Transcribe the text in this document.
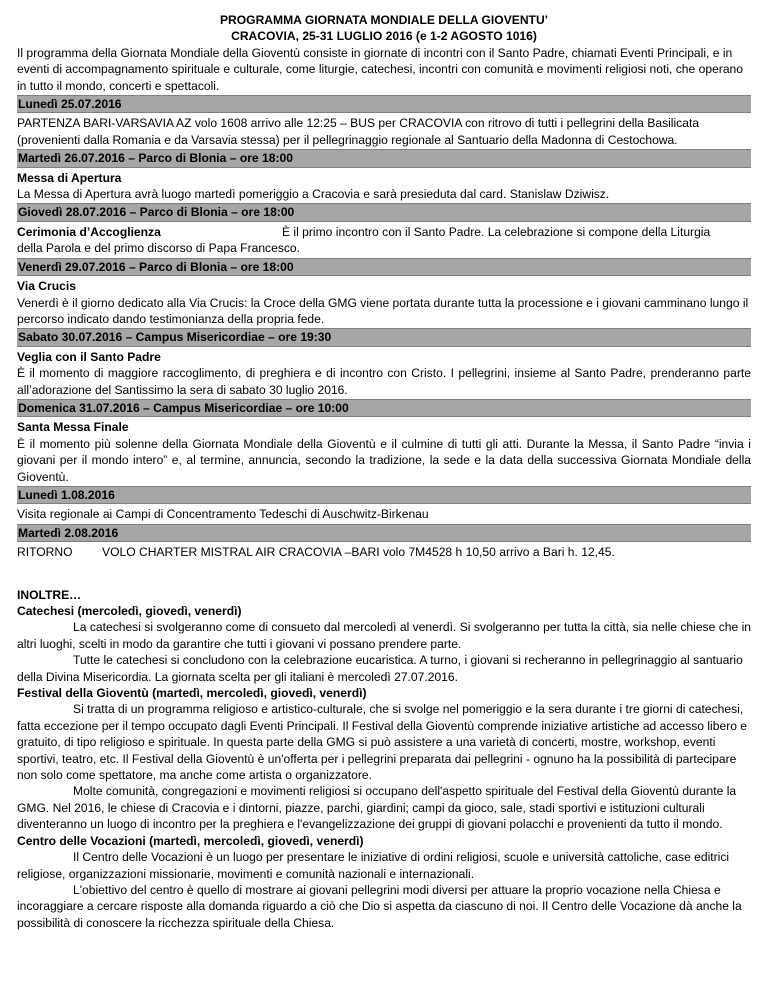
PROGRAMMA GIORNATA MONDIALE DELLA GIOVENTU’

CRACOVIA, 25-31 LUGLIO 2016 (e 1-2 AGOSTO 1016)

Il programma della Giornata Mondiale della Gioventù consiste in giornate di incontri con il Santo Padre, chiamati Eventi Principali, e in eventi di accompagnamento spirituale e culturale, come liturgie, catechesi, incontri con comunità e movimenti religiosi noti, che operano in tutto il mondo, concerti e spettacoli.

Lunedì 25.07.2016

PARTENZA BARI-VARSAVIA AZ volo 1608 arrivo alle 12:25 – BUS per CRACOVIA con ritrovo di tutti i pellegrini della Basilicata (provenienti dalla Romania e da Varsavia stessa) per il pellegrinaggio regionale al Santuario della Madonna di Cestochowa.

Martedì 26.07.2016 – Parco di Blonia – ore 18:00

Messa di Apertura

La Messa di Apertura avrà luogo martedì pomeriggio a Cracovia e sarà presieduta dal card. Stanislaw Dziwisz.

Giovedì 28.07.2016 – Parco di Blonia – ore 18:00

Cerimonia d’Accoglienza	È il primo incontro con il Santo Padre. La celebrazione si compone della Liturgia

della Parola e del primo discorso di Papa Francesco.

Venerdì 29.07.2016 – Parco di Blonia – ore 18:00

Via Crucis

Venerdì è il giorno dedicato alla Via Crucis: la Croce della GMG viene portata durante tutta la processione e i giovani camminano lungo il percorso indicato dando testimonianza della propria fede.

Sabato 30.07.2016 – Campus Misericordiae – ore 19:30

Veglia con il Santo Padre

È il momento di maggiore raccoglimento, di preghiera e di incontro con Cristo. I pellegrini, insieme al Santo Padre, prenderanno parte all’adorazione del Santissimo la sera di sabato 30 luglio 2016.

Domenica 31.07.2016 – Campus Misericordiae – ore 10:00

Santa Messa Finale

È il momento più solenne della Giornata Mondiale della Gioventù e il culmine di tutti gli atti. Durante la Messa, il Santo Padre “invia i giovani per il mondo intero” e, al termine, annuncia, secondo la tradizione, la sede e la data della successiva Giornata Mondiale della Gioventù.

Lunedì 1.08.2016

Visita regionale ai Campi di Concentramento Tedeschi di Auschwitz-Birkenau

Martedì 2.08.2016

RITORNO VOLO CHARTER MISTRAL AIR CRACOVIA –BARI volo 7M4528 h 10,50 arrivo a Bari h. 12,45.

INOLTRE…

Catechesi (mercoledì, giovedì, venerdì)

La catechesi si svolgeranno come di consueto dal mercoledì al venerdì. Si svolgeranno per tutta la città, sia nelle chiese che in altri luoghi, scelti in modo da garantire che tutti i giovani vi possano prendere parte.

Tutte le catechesi si concludono con la celebrazione eucaristica. A turno, i giovani si recheranno in pellegrinaggio al santuario della Divina Misericordia. La giornata scelta per gli italiani è mercoledì 27.07.2016.

Festival della Gioventù (martedì, mercoledì, giovedì, venerdì)

Si tratta di un programma religioso e artistico-culturale, che si svolge nel pomeriggio e la sera durante i tre giorni di catechesi, fatta eccezione per il tempo occupato dagli Eventi Principali. Il Festival della Gioventù comprende iniziative artistiche ad accesso libero e gratuito, di tipo religioso e spirituale. In questa parte della GMG si può assistere a una varietà di concerti, mostre, workshop, eventi sportivi, teatro, etc. Il Festival della Gioventù è un'offerta per i pellegrini preparata dai pellegrini - ognuno ha la possibilità di partecipare non solo come spettatore, ma anche come artista o organizzatore.

Molte comunità, congregazioni e movimenti religiosi si occupano dell'aspetto spirituale del Festival della Gioventù durante la GMG. Nel 2016, le chiese di Cracovia e i dintorni, piazze, parchi, giardini; campi da gioco, sale, stadi sportivi e istituzioni culturali diventeranno un luogo di incontro per la preghiera e l'evangelizzazione dei gruppi di giovani polacchi e provenienti da tutto il mondo.

Centro delle Vocazioni (martedì, mercoledì, giovedì, venerdì)

Il Centro delle Vocazioni è un luogo per presentare le iniziative di ordini religiosi, scuole e università cattoliche, case editrici religiose, organizzazioni missionarie, movimenti e comunità nazionali e internazionali.

L'obiettivo del centro è quello di mostrare ai giovani pellegrini modi diversi per attuare la proprio vocazione nella Chiesa e incoraggiare a cercare risposte alla domanda riguardo a ciò che Dio si aspetta da ciascuno di noi. Il Centro delle Vocazione dà anche la possibilità di conoscere la ricchezza spirituale della Chiesa.
